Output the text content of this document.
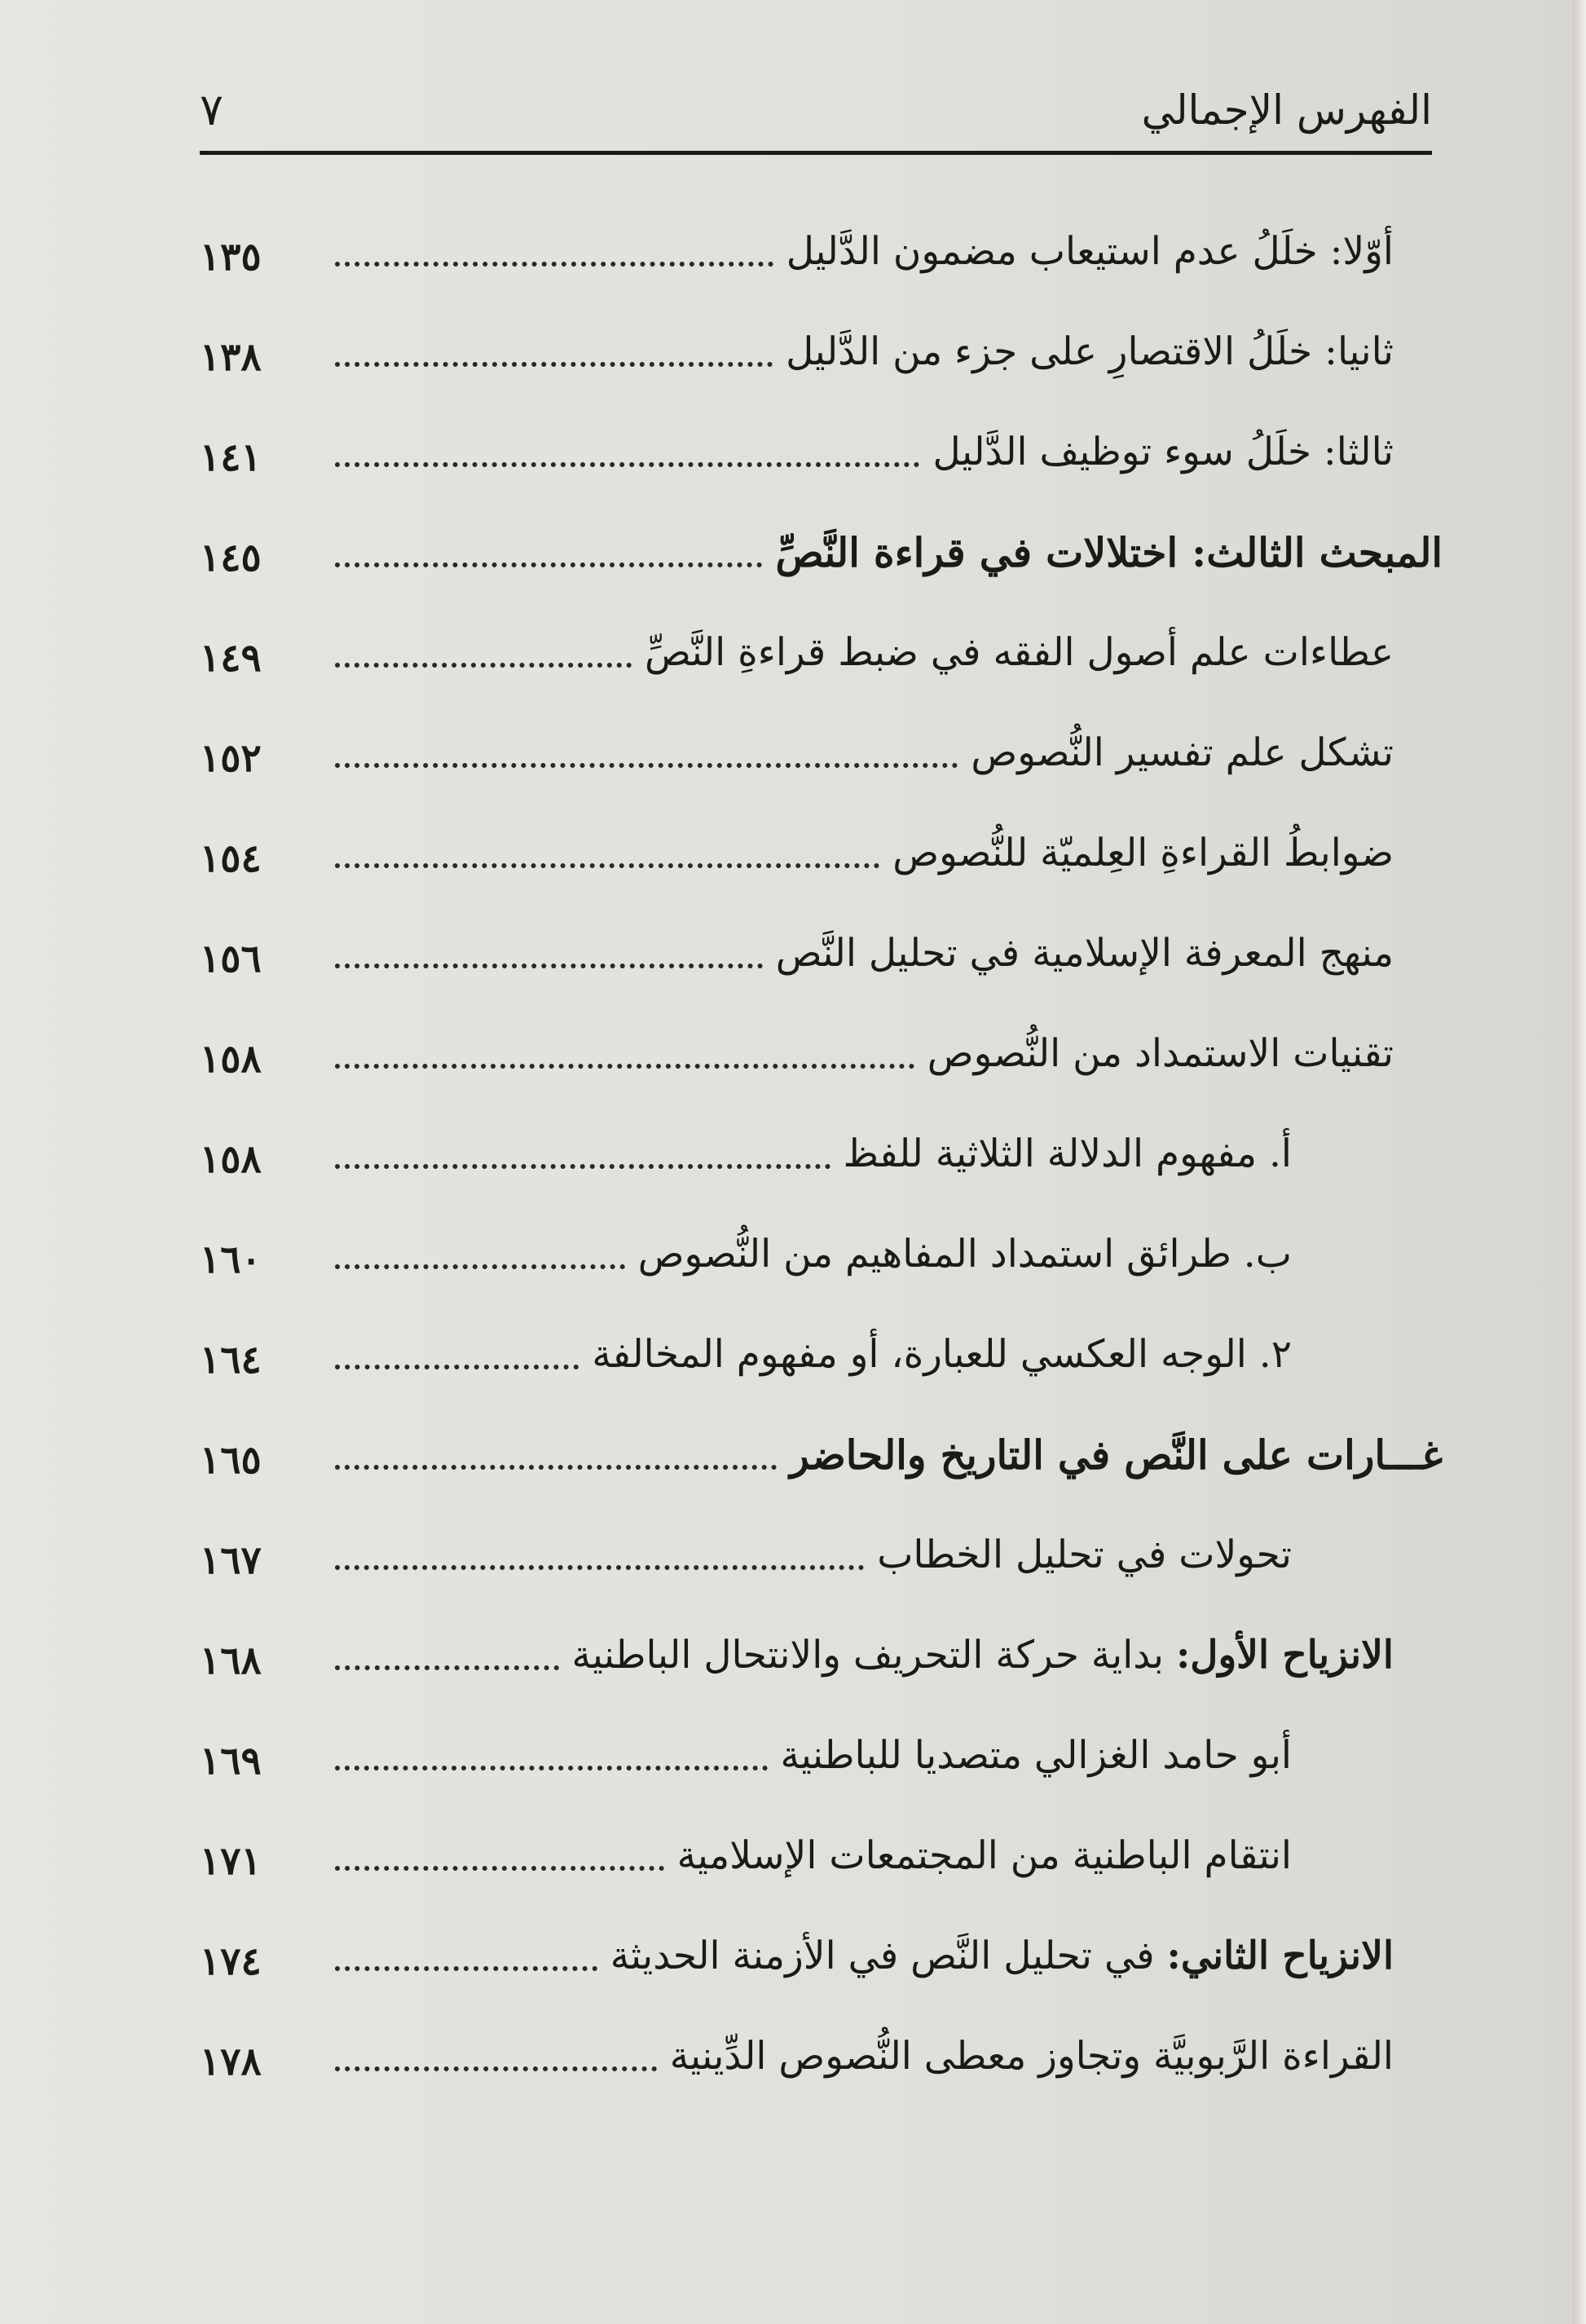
الفهرس الإجمالي
٧
أوّلا: خلَلُ عدم استيعاب مضمون الدَّليل
١٣٥
ثانيا: خلَلُ الاقتصارِ على جزء من الدَّليل
١٣٨
ثالثا: خلَلُ سوء توظيف الدَّليل
١٤١
المبحث الثالث: اختلالات في قراءة النَّصِّ
١٤٥
عطاءات علم أصول الفقه في ضبط قراءةِ النَّصِّ
١٤٩
تشكل علم تفسير النُّصوص
١٥٢
ضوابطُ القراءةِ العِلميّة للنُّصوص
١٥٤
منهج المعرفة الإسلامية في تحليل النَّص
١٥٦
تقنيات الاستمداد من النُّصوص
١٥٨
أ. مفهوم الدلالة الثلاثية للفظ
١٥٨
ب. طرائق استمداد المفاهيم من النُّصوص
١٦٠
٢. الوجه العكسي للعبارة، أو مفهوم المخالفة
١٦٤
غـــارات على النَّص في التاريخ والحاضر
١٦٥
تحولات في تحليل الخطاب
١٦٧
الانزياح الأول: بداية حركة التحريف والانتحال الباطنية
١٦٨
أبو حامد الغزالي متصديا للباطنية
١٦٩
انتقام الباطنية من المجتمعات الإسلامية
١٧١
الانزياح الثاني: في تحليل النَّص في الأزمنة الحديثة
١٧٤
القراءة الرَّبوبيَّة وتجاوز معطى النُّصوص الدِّينية
١٧٨
